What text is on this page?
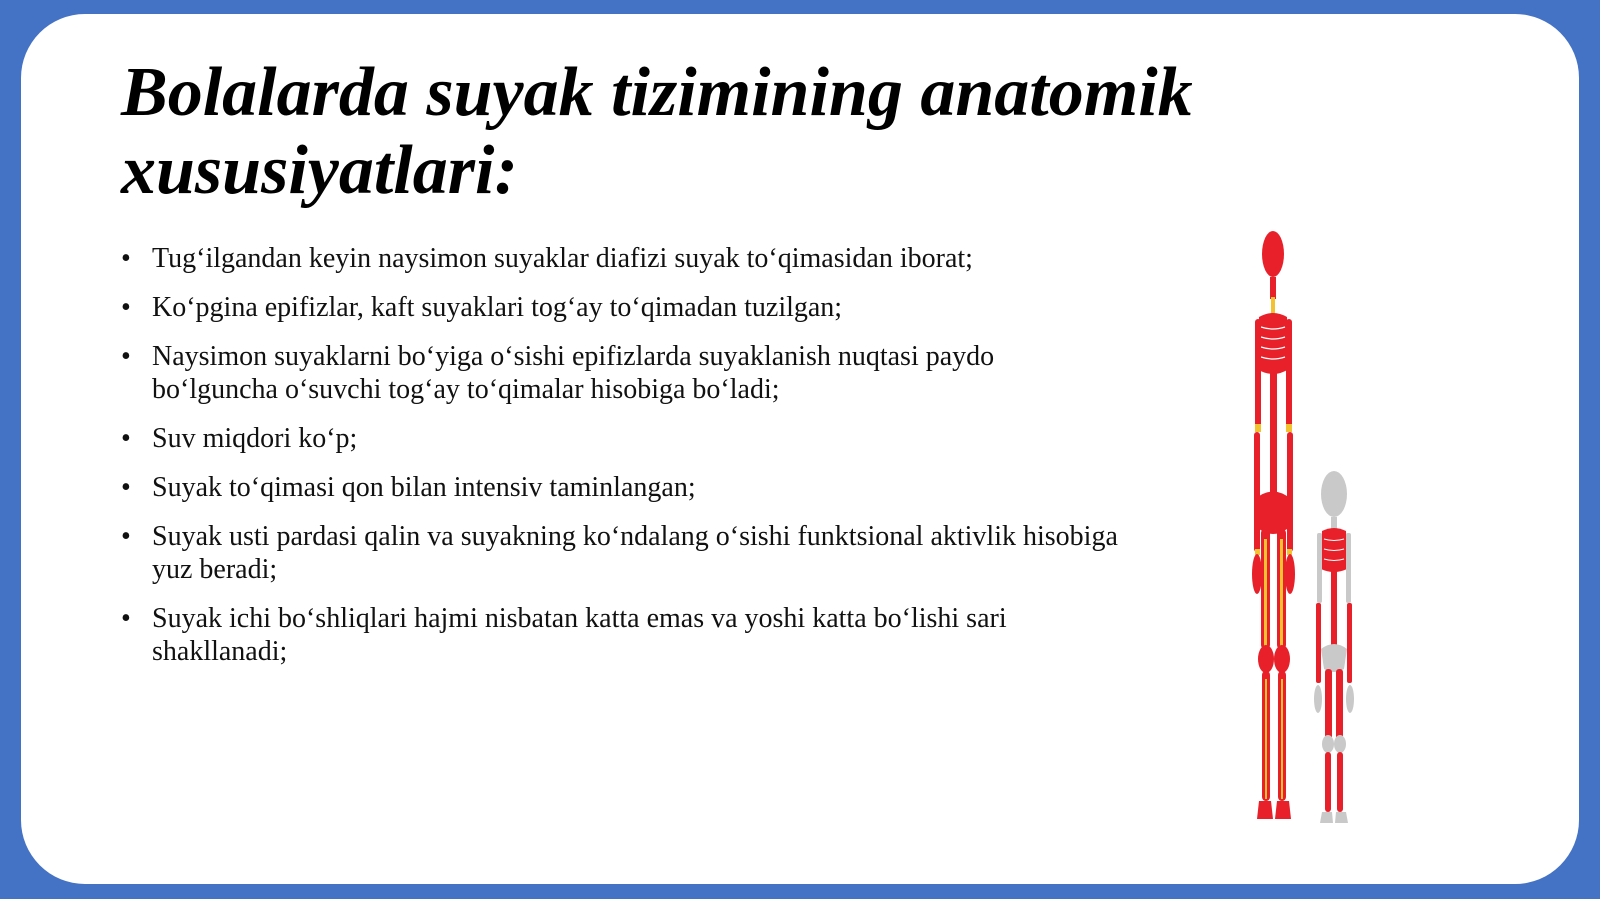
Bolalarda suyak tizimining anatomik xususiyatlari:
• Tug‘ilgandan keyin naysimon suyaklar diafizi suyak to‘qimasidan iborat;
• Ko‘pgina epifizlar, kaft suyaklari tog‘ay to‘qimadan tuzilgan;
• Naysimon suyaklarni bo‘yiga o‘sishi epifizlarda suyaklanish nuqtasi paydo bo‘lguncha o‘suvchi tog‘ay to‘qimalar hisobiga bo‘ladi;
• Suv miqdori ko‘p;
• Suyak to‘qimasi qon bilan intensiv taminlangan;
• Suyak usti pardasi qalin va suyakning ko‘ndalang o‘sishi funktsional aktivlik hisobiga yuz beradi;
• Suyak ichi bo‘shliqlari hajmi nisbatan katta emas va yoshi katta bo‘lishi sari shakllanadi;
